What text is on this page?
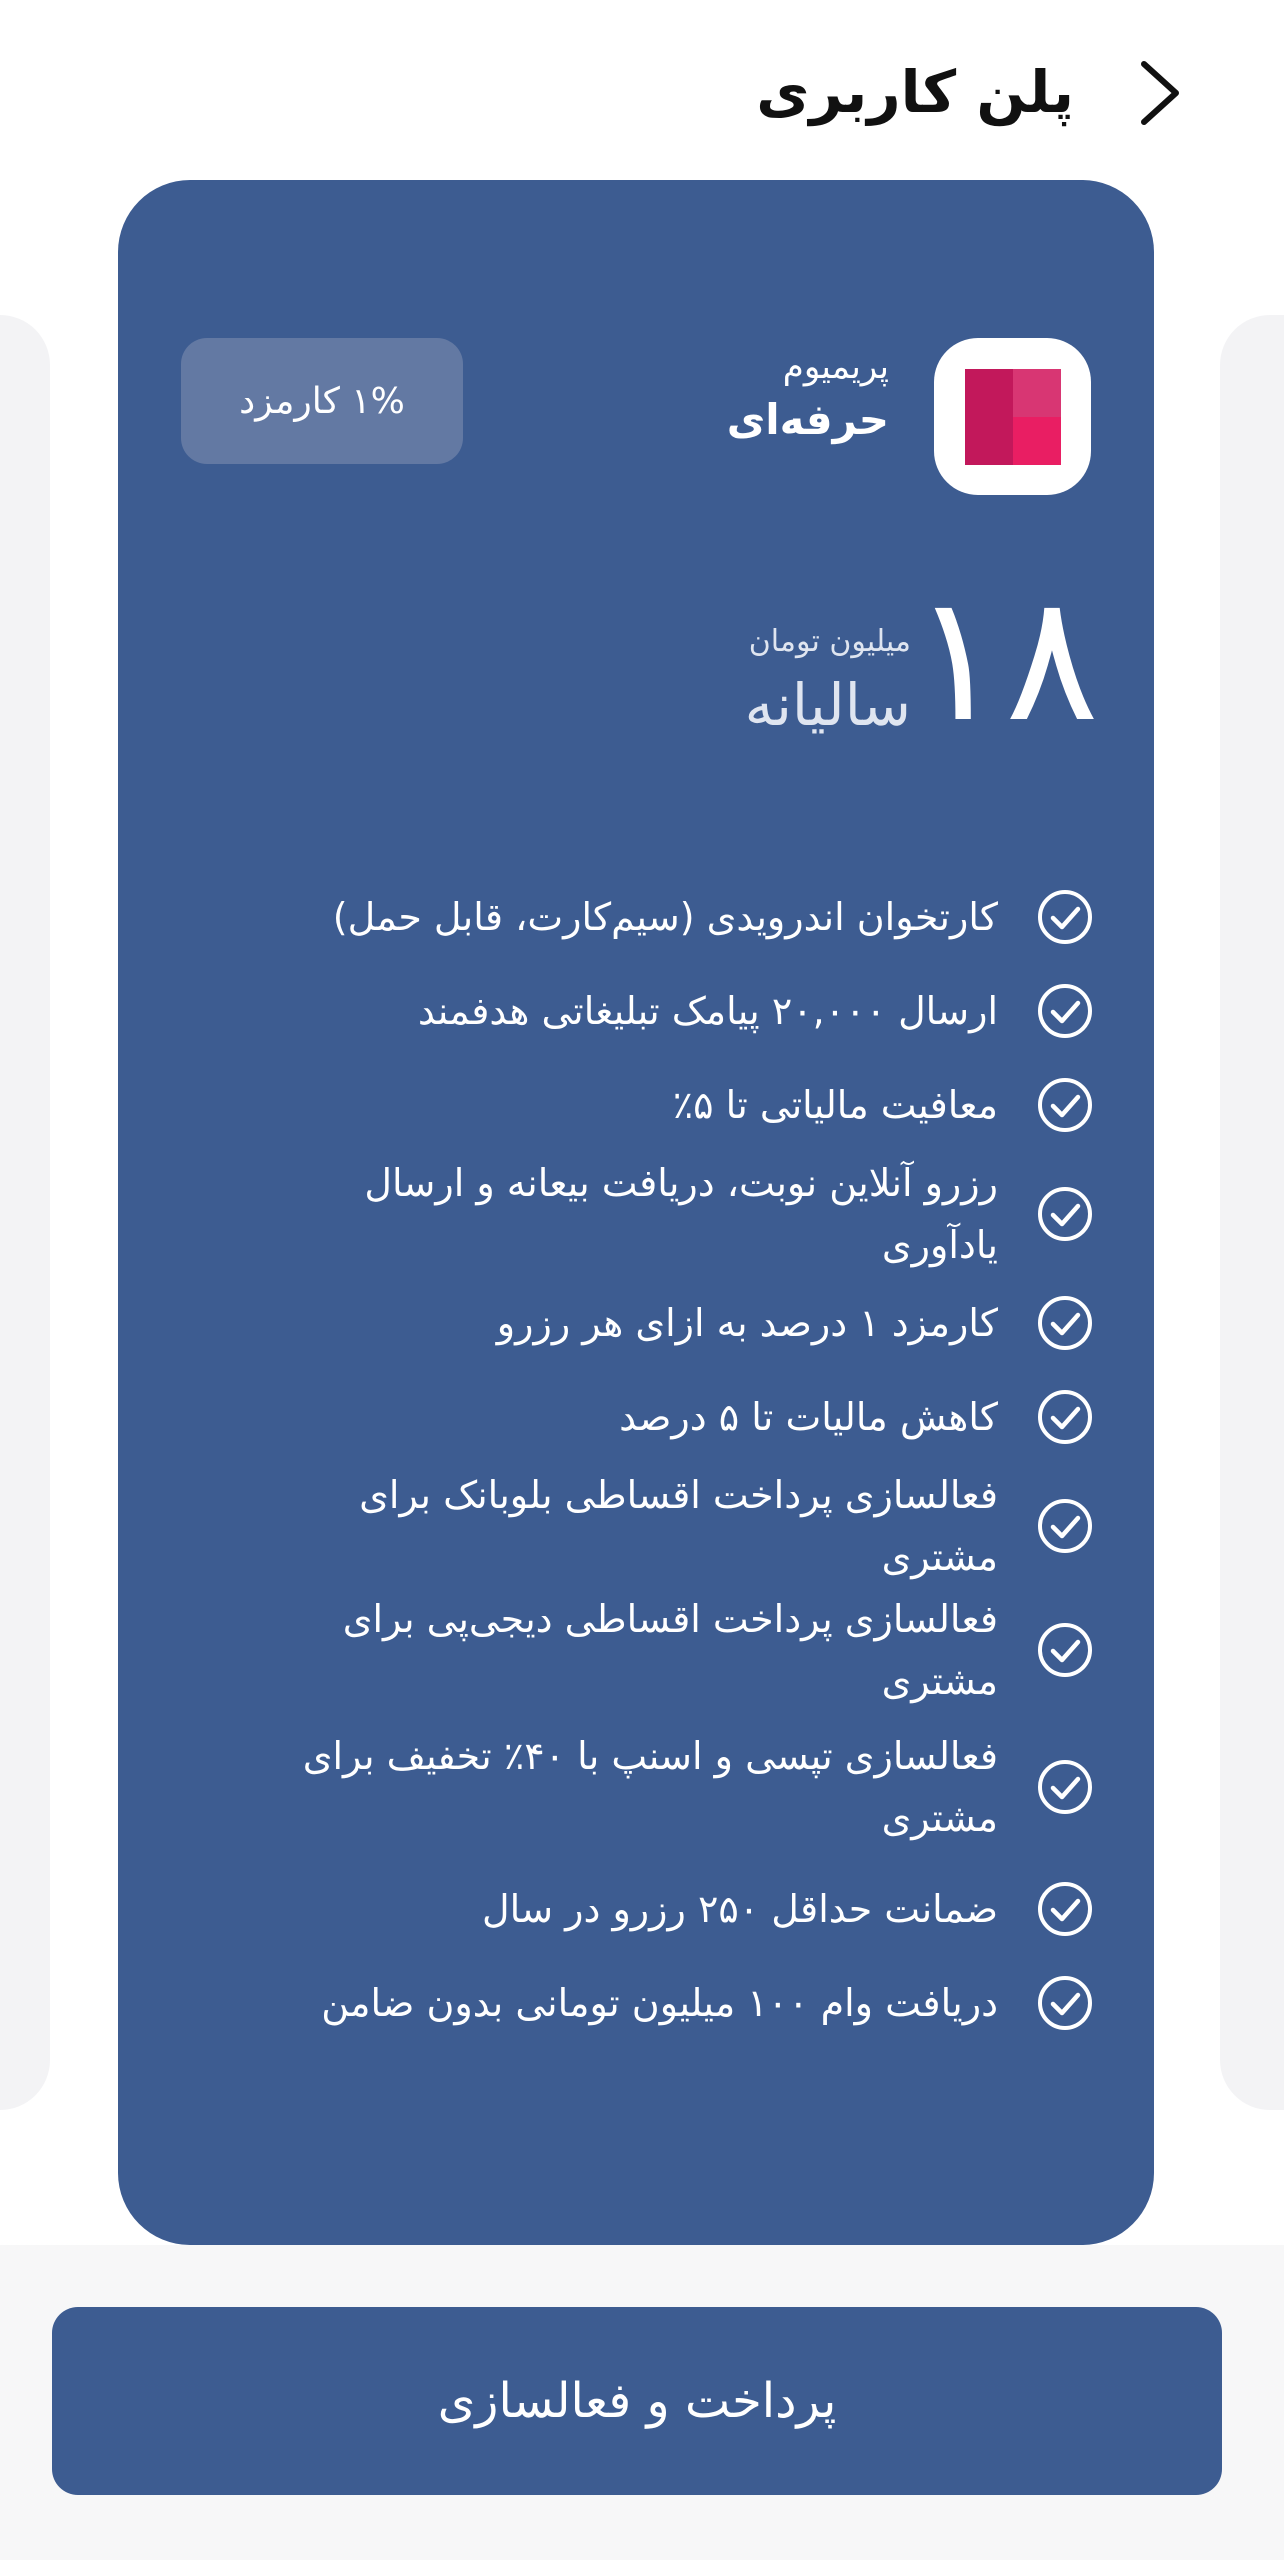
پلن کاربری
پریمیوم
حرفه‌ای
۱% کارمزد
۱۸
میلیون تومان
سالیانه
کارتخوان اندرویدی (سیم‌کارت، قابل حمل)
ارسال ۲۰,۰۰۰ پیامک تبلیغاتی هدفمند
معافیت مالیاتی تا ۵٪
رزرو آنلاین نوبت، دریافت بیعانه و ارسال یادآوری
کارمزد ۱ درصد به ازای هر رزرو
کاهش مالیات تا ۵ درصد
فعالسازی پرداخت اقساطی بلوبانک برای مشتری
فعالسازی پرداخت اقساطی دیجی‌پی برای مشتری
فعالسازی تپسی و اسنپ با ۴۰٪ تخفیف برای مشتری
ضمانت حداقل ۲۵۰ رزرو در سال
دریافت وام ۱۰۰ میلیون تومانی بدون ضامن
پرداخت و فعالسازی
